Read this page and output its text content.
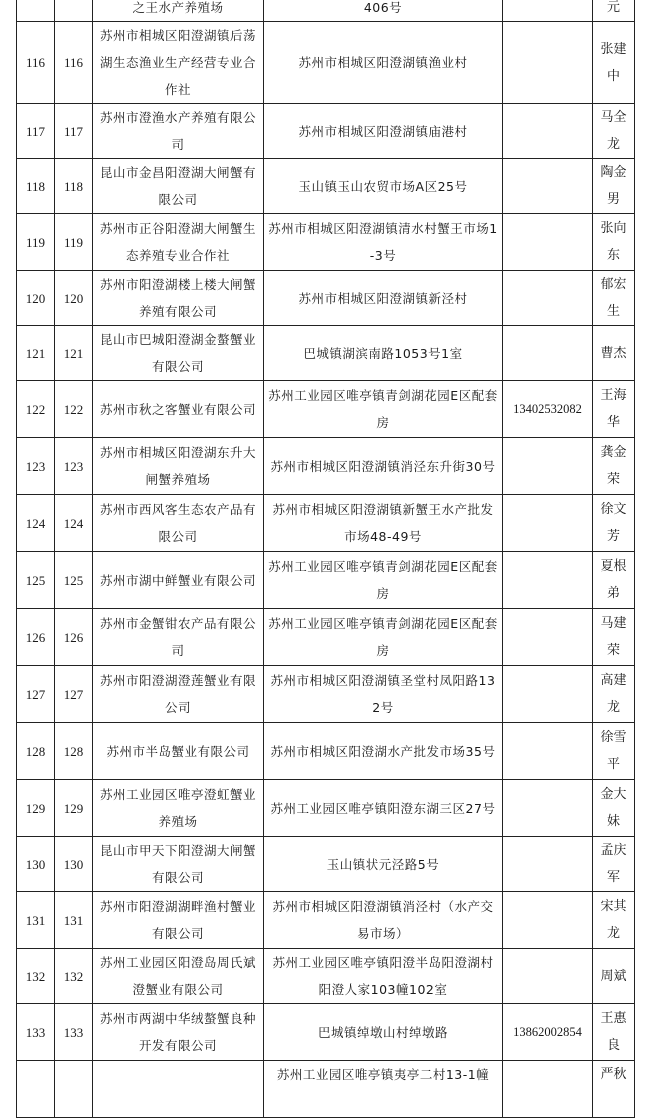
		之王水产养殖场	406号		元
116	116	苏州市相城区阳澄湖镇后荡湖生态渔业生产经营专业合作社	苏州市相城区阳澄湖镇渔业村		张建中
117	117	苏州市澄渔水产养殖有限公司	苏州市相城区阳澄湖镇庙港村		马全龙
118	118	昆山市金昌阳澄湖大闸蟹有限公司	玉山镇玉山农贸市场A区25号		陶金男
119	119	苏州市正谷阳澄湖大闸蟹生态养殖专业合作社	苏州市相城区阳澄湖镇清水村蟹王市场1-3号		张向东
120	120	苏州市阳澄湖楼上楼大闸蟹养殖有限公司	苏州市相城区阳澄湖镇新泾村		郁宏生
121	121	昆山市巴城阳澄湖金螯蟹业有限公司	巴城镇湖滨南路1053号1室		曹杰
122	122	苏州市秋之客蟹业有限公司	苏州工业园区唯亭镇青剑湖花园E区配套房	13402532082	王海华
123	123	苏州市相城区阳澄湖东升大闸蟹养殖场	苏州市相城区阳澄湖镇消泾东升街30号		龚金荣
124	124	苏州市西风客生态农产品有限公司	苏州市相城区阳澄湖镇新蟹王水产批发市场48-49号		徐文芳
125	125	苏州市湖中鲜蟹业有限公司	苏州工业园区唯亭镇青剑湖花园E区配套房		夏根弟
126	126	苏州市金蟹钳农产品有限公司	苏州工业园区唯亭镇青剑湖花园E区配套房		马建荣
127	127	苏州市阳澄湖澄莲蟹业有限公司	苏州市相城区阳澄湖镇圣堂村凤阳路132号		高建龙
128	128	苏州市半岛蟹业有限公司	苏州市相城区阳澄湖水产批发市场35号		徐雪平
129	129	苏州工业园区唯亭澄虹蟹业养殖场	苏州工业园区唯亭镇阳澄东湖三区27号		金大妹
130	130	昆山市甲天下阳澄湖大闸蟹有限公司	玉山镇状元泾路5号		孟庆军
131	131	苏州市阳澄湖湖畔渔村蟹业有限公司	苏州市相城区阳澄湖镇消泾村（水产交易市场）		宋其龙
132	132	苏州工业园区阳澄岛周氏斌澄蟹业有限公司	苏州工业园区唯亭镇阳澄半岛阳澄湖村阳澄人家103幢102室		周斌
133	133	苏州市两湖中华绒螯蟹良种开发有限公司	巴城镇绰墩山村绰墩路	13862002854	王惠良
			苏州工业园区唯亭镇夷亭二村13-1幢		严秋
